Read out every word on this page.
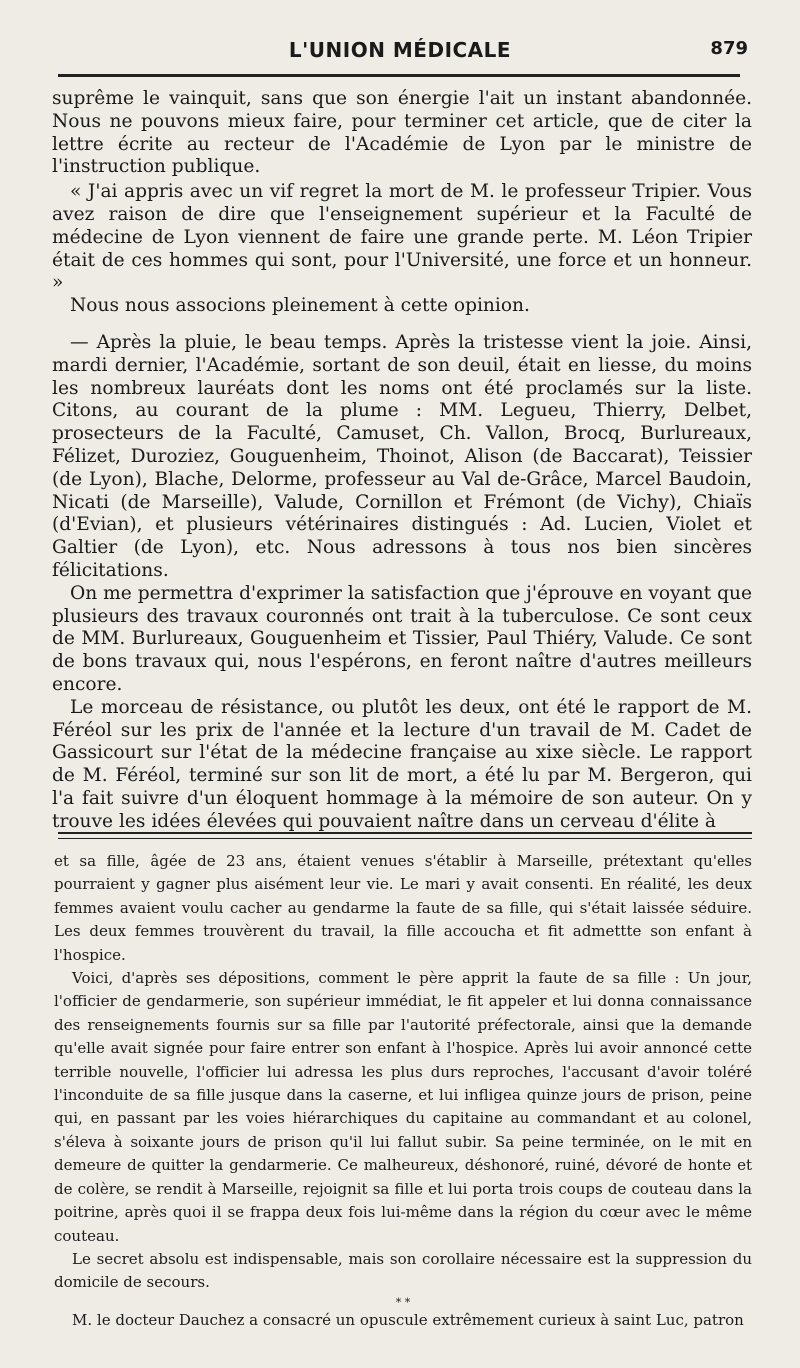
L'UNION MÉDICALE	879

suprême le vainquit, sans que son énergie l'ait un instant abandonnée. Nous ne pouvons mieux faire, pour terminer cet article, que de citer la lettre écrite au recteur de l'Académie de Lyon par le ministre de l'instruction publique.

« J'ai appris avec un vif regret la mort de M. le professeur Tripier. Vous avez raison de dire que l'enseignement supérieur et la Faculté de médecine de Lyon viennent de faire une grande perte. M. Léon Tripier était de ces hommes qui sont, pour l'Université, une force et un honneur. »

Nous nous associons pleinement à cette opinion.

— Après la pluie, le beau temps. Après la tristesse vient la joie. Ainsi, mardi dernier, l'Académie, sortant de son deuil, était en liesse, du moins les nombreux lauréats dont les noms ont été proclamés sur la liste. Citons, au courant de la plume : MM. Legueu, Thierry, Delbet, prosecteurs de la Faculté, Camuset, Ch. Vallon, Brocq, Burlureaux, Félizet, Duroziez, Gouguenheim, Thoinot, Alison (de Baccarat), Teissier (de Lyon), Blache, Delorme, professeur au Val de-Grâce, Marcel Baudoin, Nicati (de Marseille), Valude, Cornillon et Frémont (de Vichy), Chiaïs (d'Evian), et plusieurs vétérinaires distingués : Ad. Lucien, Violet et Galtier (de Lyon), etc. Nous adressons à tous nos bien sincères félicitations.

On me permettra d'exprimer la satisfaction que j'éprouve en voyant que plusieurs des travaux couronnés ont trait à la tuberculose. Ce sont ceux de MM. Burlureaux, Gouguenheim et Tissier, Paul Thiéry, Valude. Ce sont de bons travaux qui, nous l'espérons, en feront naître d'autres meilleurs encore.

Le morceau de résistance, ou plutôt les deux, ont été le rapport de M. Féréol sur les prix de l'année et la lecture d'un travail de M. Cadet de Gassicourt sur l'état de la médecine française au xixe siècle. Le rapport de M. Féréol, terminé sur son lit de mort, a été lu par M. Bergeron, qui l'a fait suivre d'un éloquent hommage à la mémoire de son auteur. On y trouve les idées élevées qui pouvaient naître dans un cerveau d'élite à

et sa fille, âgée de 23 ans, étaient venues s'établir à Marseille, prétextant qu'elles pourraient y gagner plus aisément leur vie. Le mari y avait consenti. En réalité, les deux femmes avaient voulu cacher au gendarme la faute de sa fille, qui s'était laissée séduire. Les deux femmes trouvèrent du travail, la fille accoucha et fit admettte son enfant à l'hospice.

Voici, d'après ses dépositions, comment le père apprit la faute de sa fille : Un jour, l'officier de gendarmerie, son supérieur immédiat, le fit appeler et lui donna connaissance des renseignements fournis sur sa fille par l'autorité préfectorale, ainsi que la demande qu'elle avait signée pour faire entrer son enfant à l'hospice. Après lui avoir annoncé cette terrible nouvelle, l'officier lui adressa les plus durs reproches, l'accusant d'avoir toléré l'inconduite de sa fille jusque dans la caserne, et lui infligea quinze jours de prison, peine qui, en passant par les voies hiérarchiques du capitaine au commandant et au colonel, s'éleva à soixante jours de prison qu'il lui fallut subir. Sa peine terminée, on le mit en demeure de quitter la gendarmerie. Ce malheureux, déshonoré, ruiné, dévoré de honte et de colère, se rendit à Marseille, rejoignit sa fille et lui porta trois coups de couteau dans la poitrine, après quoi il se frappa deux fois lui-même dans la région du cœur avec le même couteau.

Le secret absolu est indispensable, mais son corollaire nécessaire est la suppression du domicile de secours.

* *

M. le docteur Dauchez a consacré un opuscule extrêmement curieux à saint Luc, patron
